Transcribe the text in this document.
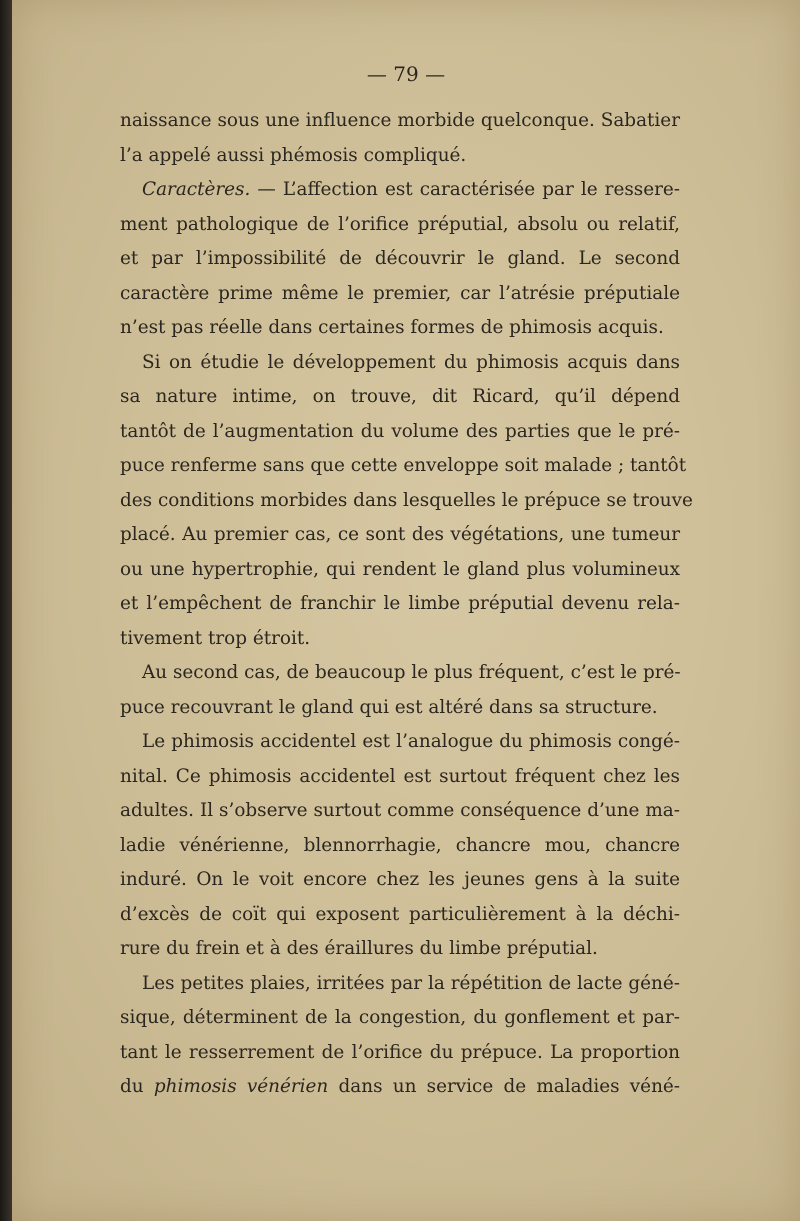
— 79 —
naissance sous une influence morbide quelconque. Sabatier
l’a appelé aussi phémosis compliqué.
Caractères. — L’affection est caractérisée par le ressere-
ment pathologique de l’orifice préputial, absolu ou relatif,
et par l’impossibilité de découvrir le gland. Le second
caractère prime même le premier, car l’atrésie préputiale
n’est pas réelle dans certaines formes de phimosis acquis.
Si on étudie le développement du phimosis acquis dans
sa nature intime, on trouve, dit Ricard, qu’il dépend
tantôt de l’augmentation du volume des parties que le pré-
puce renferme sans que cette enveloppe soit malade ; tantôt
des conditions morbides dans lesquelles le prépuce se trouve
placé. Au premier cas, ce sont des végétations, une tumeur
ou une hypertrophie, qui rendent le gland plus volumineux
et l’empêchent de franchir le limbe préputial devenu rela-
tivement trop étroit.
Au second cas, de beaucoup le plus fréquent, c’est le pré-
puce recouvrant le gland qui est altéré dans sa structure.
Le phimosis accidentel est l’analogue du phimosis congé-
nital. Ce phimosis accidentel est surtout fréquent chez les
adultes. Il s’observe surtout comme conséquence d’une ma-
ladie vénérienne, blennorrhagie, chancre mou, chancre
induré. On le voit encore chez les jeunes gens à la suite
d’excès de coït qui exposent particulièrement à la déchi-
rure du frein et à des éraillures du limbe préputial.
Les petites plaies, irritées par la répétition de lacte géné-
sique, déterminent de la congestion, du gonflement et par-
tant le resserrement de l’orifice du prépuce. La proportion
du phimosis vénérien dans un service de maladies véné-
